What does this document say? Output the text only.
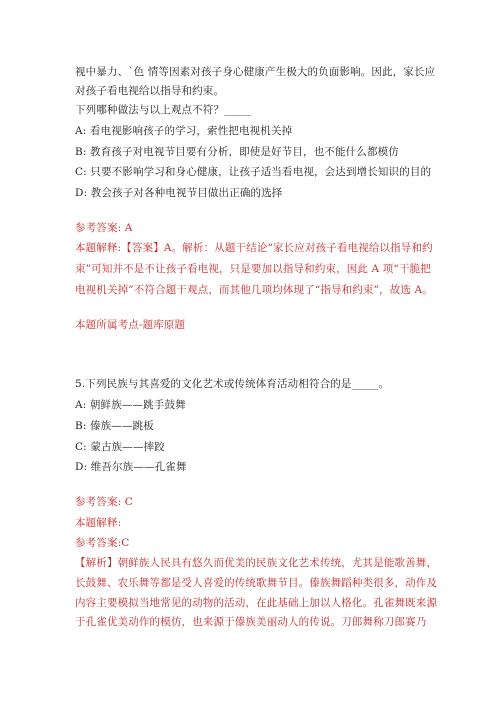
视中暴力、`色 情等因素对孩子身心健康产生极大的负面影响。因此，家长应
对孩子看电视给以指导和约束。
下列哪种做法与以上观点不符？_____
A: 看电视影响孩子的学习，索性把电视机关掉
B: 教育孩子对电视节目要有分析，即使是好节目，也不能什么都模仿
C: 只要不影响学习和身心健康，让孩子适当看电视，会达到增长知识的目的
D: 教会孩子对各种电视节目做出正确的选择
参考答案: A
本题解释:【答案】A。解析：从题干结论“家长应对孩子看电视给以指导和约
束”可知并不是不让孩子看电视，只是要加以指导和约束，因此 A 项“干脆把
电视机关掉”不符合题干观点，而其他几项均体现了“指导和约束”，故选 A。
本题所属考点-题库原题
5.下列民族与其喜爱的文化艺术或传统体育活动相符合的是_____。
A: 朝鲜族——跳手鼓舞
B: 傣族——跳板
C: 蒙古族——摔跤
D: 维吾尔族——孔雀舞
参考答案: C
本题解释:
参考答案:C
【解析】朝鲜族人民具有悠久而优美的民族文化艺术传统，尤其是能歌善舞，
长鼓舞、农乐舞等都是受人喜爱的传统歌舞节目。傣族舞蹈种类很多，动作及
内容主要模拟当地常见的动物的活动，在此基础上加以人格化。孔雀舞既来源
于孔雀优美动作的模仿，也来源于傣族美丽动人的传说。刀郎舞称刀郎赛乃
